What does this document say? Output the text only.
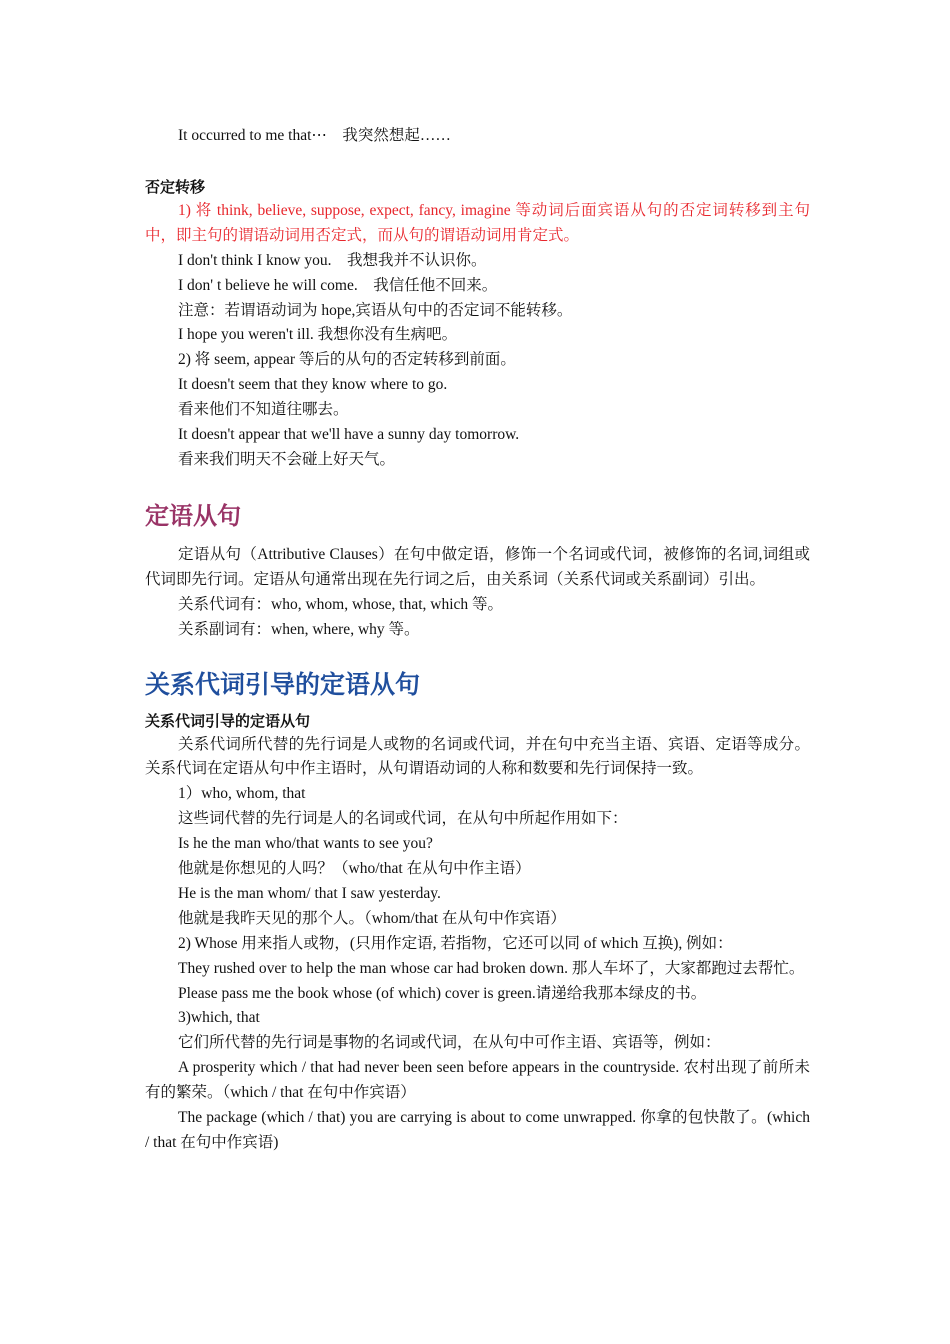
It occurred to me that⋯　我突然想起……
否定转移
1) 将 think, believe, suppose, expect, fancy, imagine 等动词后面宾语从句的否定词转移到主句中，即主句的谓语动词用否定式，而从句的谓语动词用肯定式。
I don't think I know you.　我想我并不认识你。
I don' t believe he will come.　我信任他不回来。
注意：若谓语动词为 hope,宾语从句中的否定词不能转移。
I hope you weren't ill. 我想你没有生病吧。
2) 将 seem, appear 等后的从句的否定转移到前面。
It doesn't seem that they know where to go.
看来他们不知道往哪去。
It doesn't appear that we'll have a sunny day tomorrow.
看来我们明天不会碰上好天气。
定语从句
定语从句（Attributive Clauses）在句中做定语，修饰一个名词或代词，被修饰的名词,词组或代词即先行词。定语从句通常出现在先行词之后，由关系词（关系代词或关系副词）引出。
关系代词有：who, whom, whose, that, which 等。
关系副词有：when, where, why 等。
关系代词引导的定语从句
关系代词引导的定语从句
关系代词所代替的先行词是人或物的名词或代词，并在句中充当主语、宾语、定语等成分。关系代词在定语从句中作主语时，从句谓语动词的人称和数要和先行词保持一致。
1）who, whom, that
这些词代替的先行词是人的名词或代词，在从句中所起作用如下：
Is he the man who/that wants to see you?
他就是你想见的人吗？（who/that 在从句中作主语）
He is the man whom/ that I saw yesterday.
他就是我昨天见的那个人。（whom/that 在从句中作宾语）
2) Whose 用来指人或物，(只用作定语, 若指物，它还可以同 of which 互换), 例如：
They rushed over to help the man whose car had broken down. 那人车坏了，大家都跑过去帮忙。
Please pass me the book whose (of which) cover is green.请递给我那本绿皮的书。
3)which, that
它们所代替的先行词是事物的名词或代词，在从句中可作主语、宾语等，例如：
A prosperity which / that had never been seen before appears in the countryside. 农村出现了前所未有的繁荣。（which / that 在句中作宾语）
The package (which / that) you are carrying is about to come unwrapped. 你拿的包快散了。(which / that 在句中作宾语)
